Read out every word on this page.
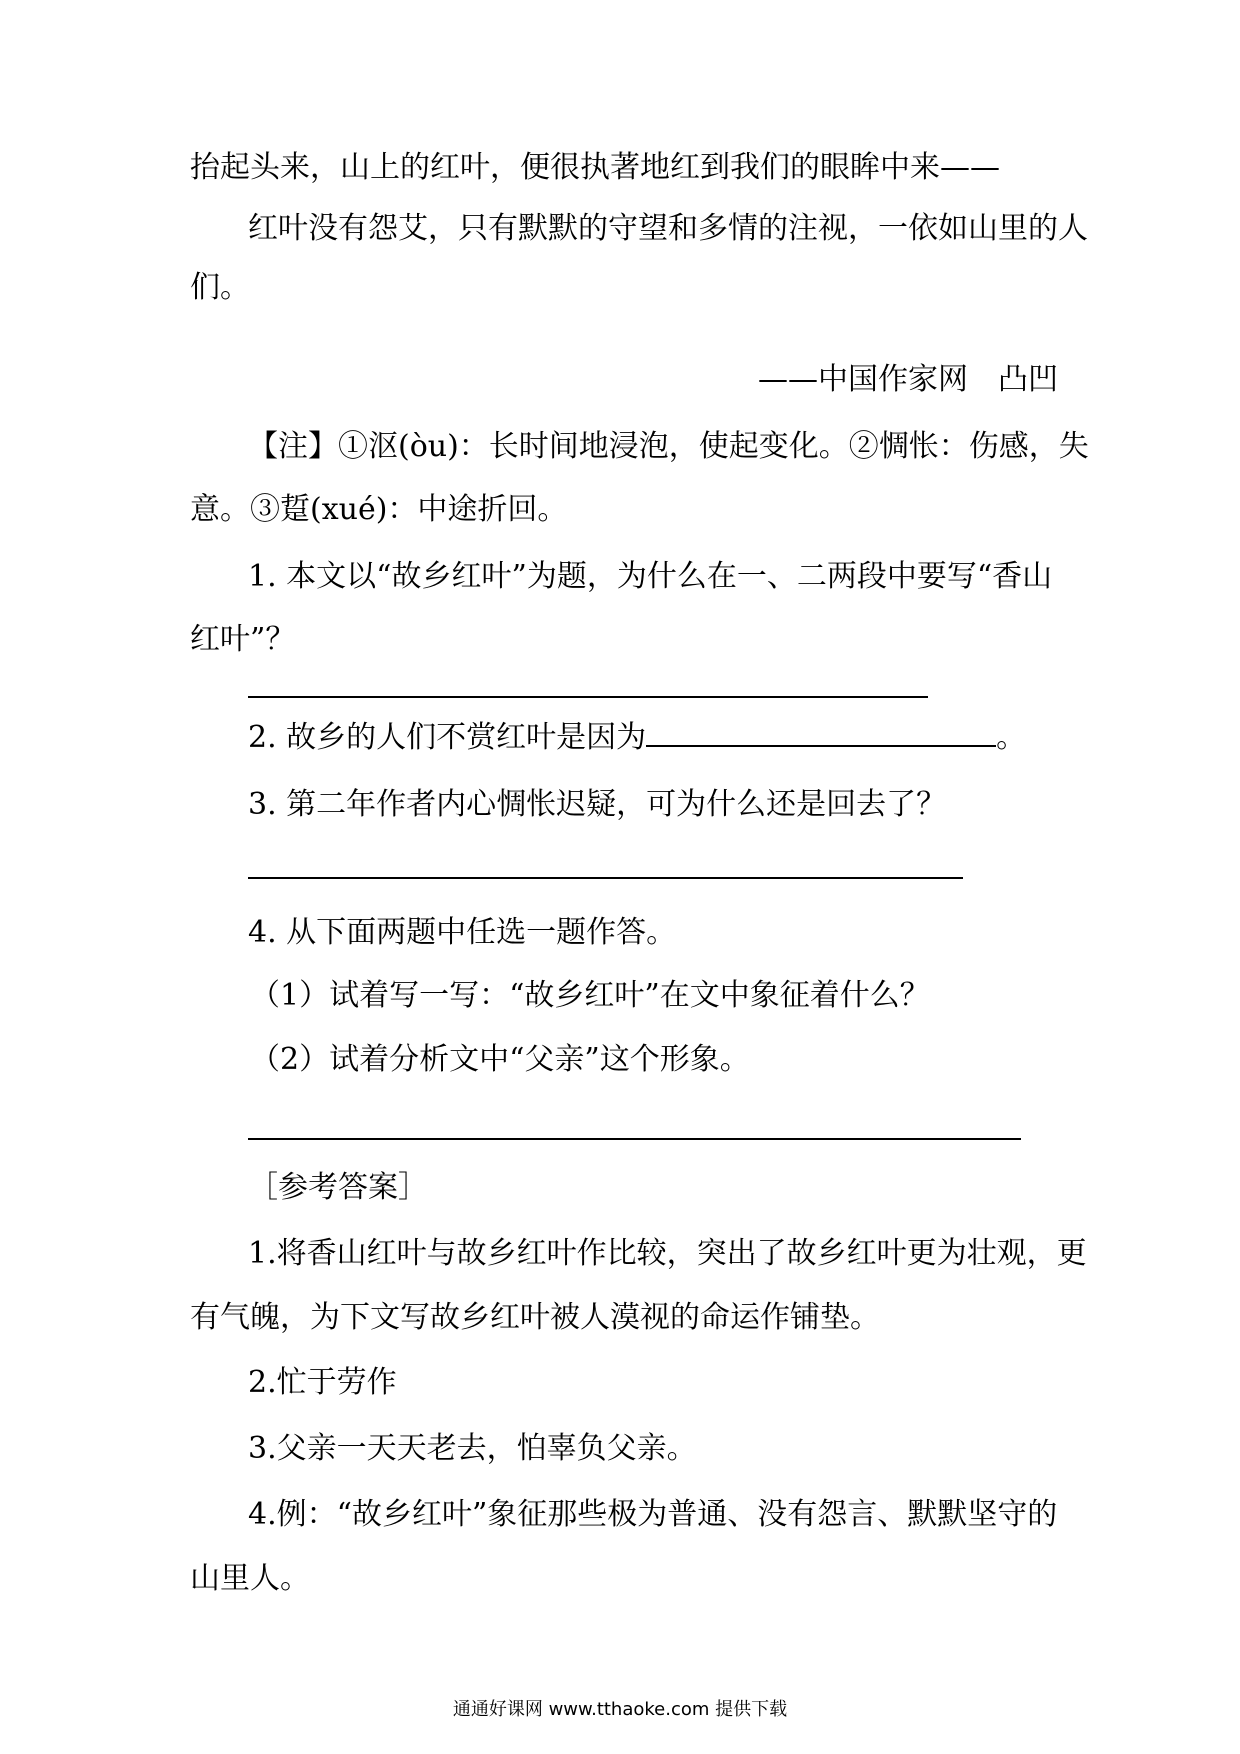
抬起头来，山上的红叶，便很执著地红到我们的眼眸中来——
红叶没有怨艾，只有默默的守望和多情的注视，一依如山里的人
们。
——中国作家网　凸凹
【注】①沤(òu)：长时间地浸泡，使起变化。②惆怅：伤感，失
意。③踅(xué)：中途折回。
1. 本文以“故乡红叶”为题，为什么在一、二两段中要写“香山
红叶”？
2. 故乡的人们不赏红叶是因为	。
3. 第二年作者内心惆怅迟疑，可为什么还是回去了？
4. 从下面两题中任选一题作答。
（1）试着写一写：“故乡红叶”在文中象征着什么？
（2）试着分析文中“父亲”这个形象。
［参考答案］
1.将香山红叶与故乡红叶作比较，突出了故乡红叶更为壮观，更
有气魄，为下文写故乡红叶被人漠视的命运作铺垫。
2.忙于劳作
3.父亲一天天老去，怕辜负父亲。
4.例：“故乡红叶”象征那些极为普通、没有怨言、默默坚守的
山里人。
通通好课网 www.tthaoke.com 提供下载
